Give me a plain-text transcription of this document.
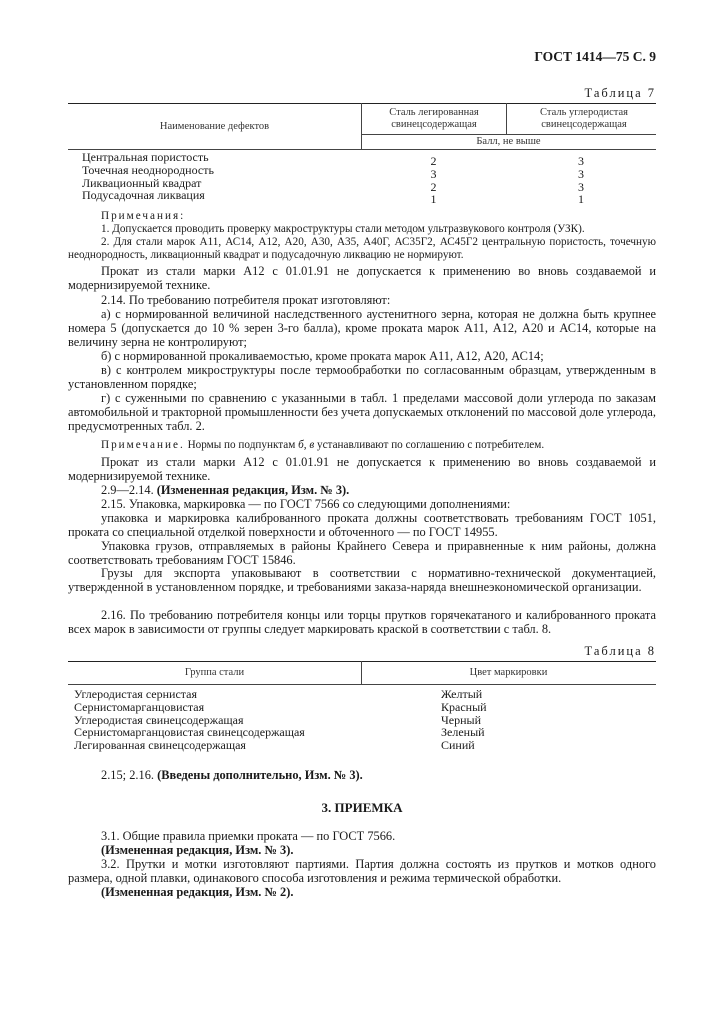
ГОСТ 1414—75 С. 9
Таблица 7
Наименование дефектов
Сталь легированная свинецсодержащая
Сталь углеродистая свинецсодержащая
Балл, не выше
Центральная пористость
Точечная неоднородность
Ликвационный квадрат
Подусадочная ликвация
2
3
2
1
3
3
3
1
Примечания:
1. Допускается проводить проверку макроструктуры стали методом ультразвукового контроля (УЗК).
2. Для стали марок А11, АС14, А12, А20, А30, А35, А40Г, АС35Г2, АС45Г2 центральную пористость, точечную неоднородность, ликвационный квадрат и подусадочную ликвацию не нормируют.
Прокат из стали марки А12 с 01.01.91 не допускается к применению во вновь создаваемой и модернизируемой технике.
2.14. По требованию потребителя прокат изготовляют:
а) с нормированной величиной наследственного аустенитного зерна, которая не должна быть крупнее номера 5 (допускается до 10 % зерен 3-го балла), кроме проката марок А11, А12, А20 и АС14, которые на величину зерна не контролируют;
б) с нормированной прокаливаемостью, кроме проката марок А11, А12, А20, АС14;
в) с контролем микроструктуры после термообработки по согласованным образцам, утвержденным в установленном порядке;
г) с суженными по сравнению с указанными в табл. 1 пределами массовой доли углерода по заказам автомобильной и тракторной промышленности без учета допускаемых отклонений по массовой доле углерода, предусмотренных табл. 2.
Примечание. Нормы по подпунктам б, в устанавливают по соглашению с потребителем.
Прокат из стали марки А12 с 01.01.91 не допускается к применению во вновь создаваемой и модернизируемой технике.
2.9—2.14. (Измененная редакция, Изм. № 3).
2.15. Упаковка, маркировка — по ГОСТ 7566 со следующими дополнениями:
упаковка и маркировка калиброванного проката должны соответствовать требованиям ГОСТ 1051, проката со специальной отделкой поверхности и обточенного — по ГОСТ 14955.
Упаковка грузов, отправляемых в районы Крайнего Севера и приравненные к ним районы, должна соответствовать требованиям ГОСТ 15846.
Грузы для экспорта упаковывают в соответствии с нормативно-технической документацией, утвержденной в установленном порядке, и требованиями заказа-наряда внешнеэкономической организации.
2.16. По требованию потребителя концы или торцы прутков горячекатаного и калиброванного проката всех марок в зависимости от группы следует маркировать краской в соответствии с табл. 8.
Таблица 8
Группа стали	Цвет маркировки
Углеродистая сернистая
Сернистомарганцовистая
Углеродистая свинецсодержащая
Сернистомарганцовистая свинецсодержащая
Легированная свинецсодержащая
Желтый
Красный
Черный
Зеленый
Синий
2.15; 2.16. (Введены дополнительно, Изм. № 3).
3. ПРИЕМКА
3.1. Общие правила приемки проката — по ГОСТ 7566.
(Измененная редакция, Изм. № 3).
3.2. Прутки и мотки изготовляют партиями. Партия должна состоять из прутков и мотков одного размера, одной плавки, одинакового способа изготовления и режима термической обработки.
(Измененная редакция, Изм. № 2).
